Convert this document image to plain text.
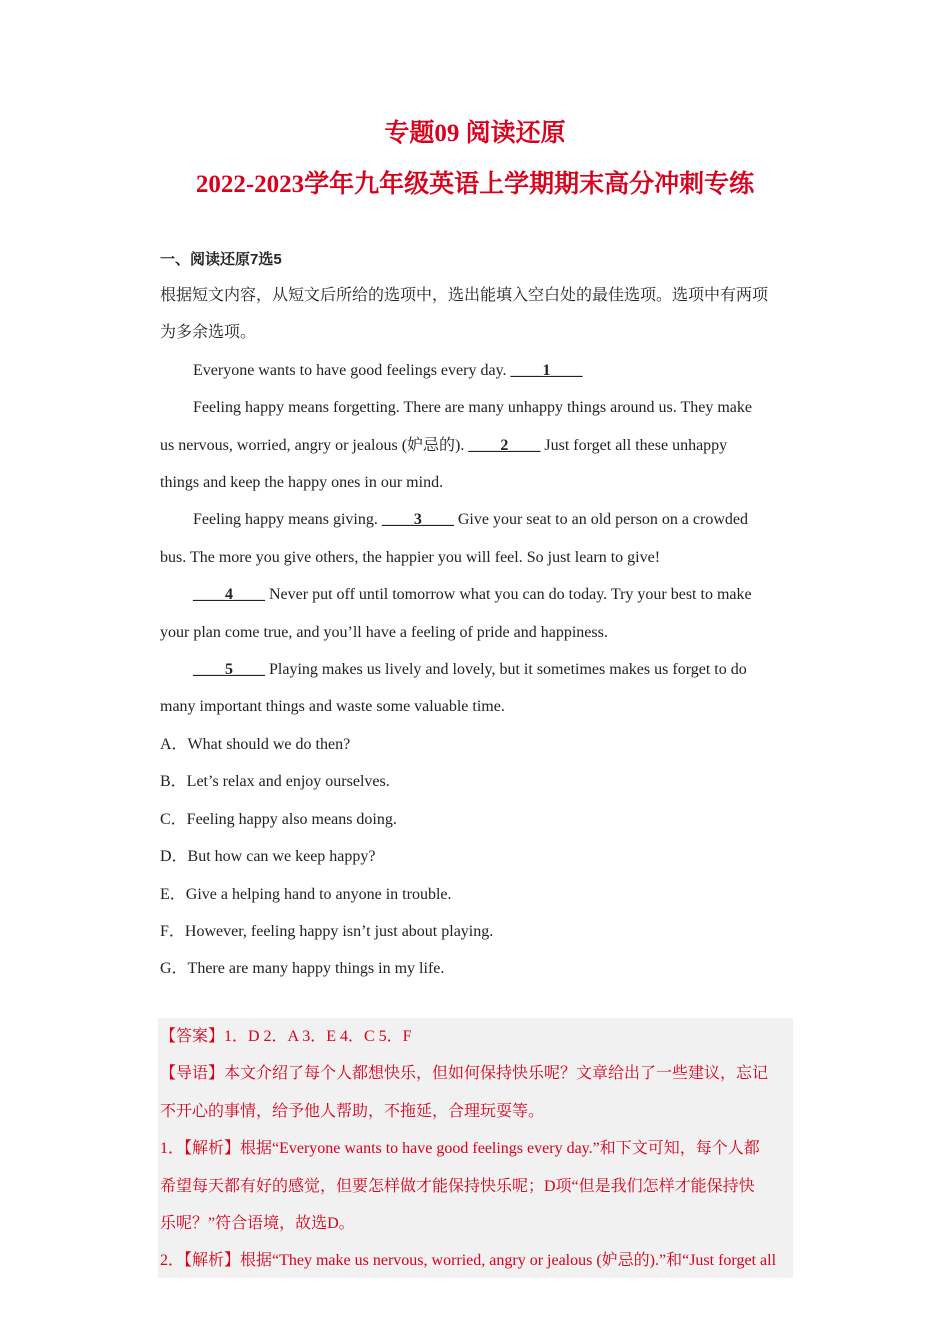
专题09 阅读还原
2022-2023学年九年级英语上学期期末高分冲刺专练
一、阅读还原7选5
根据短文内容，从短文后所给的选项中，选出能填入空白处的最佳选项。选项中有两项
为多余选项。
Everyone wants to have good feelings every day. ____1____
Feeling happy means forgetting. There are many unhappy things around us. They make
us nervous, worried, angry or jealous (妒忌的). ____2____ Just forget all these unhappy
things and keep the happy ones in our mind.
Feeling happy means giving. ____3____ Give your seat to an old person on a crowded
bus. The more you give others, the happier you will feel. So just learn to give!
____4____ Never put off until tomorrow what you can do today. Try your best to make
your plan come true, and you’ll have a feeling of pride and happiness.
____5____ Playing makes us lively and lovely, but it sometimes makes us forget to do
many important things and waste some valuable time.
A．What should we do then?
B．Let’s relax and enjoy ourselves.
C．Feeling happy also means doing.
D．But how can we keep happy?
E．Give a helping hand to anyone in trouble.
F．However, feeling happy isn’t just about playing.
G．There are many happy things in my life.
【答案】1．D 2．A 3．E 4．C 5．F
【导语】本文介绍了每个人都想快乐，但如何保持快乐呢？文章给出了一些建议，忘记
不开心的事情，给予他人帮助，不拖延，合理玩耍等。
1．【解析】根据“Everyone wants to have good feelings every day.”和下文可知，每个人都
希望每天都有好的感觉，但要怎样做才能保持快乐呢；D项“但是我们怎样才能保持快
乐呢？”符合语境，故选D。
2．【解析】根据“They make us nervous, worried, angry or jealous (妒忌的).”和“Just forget all
